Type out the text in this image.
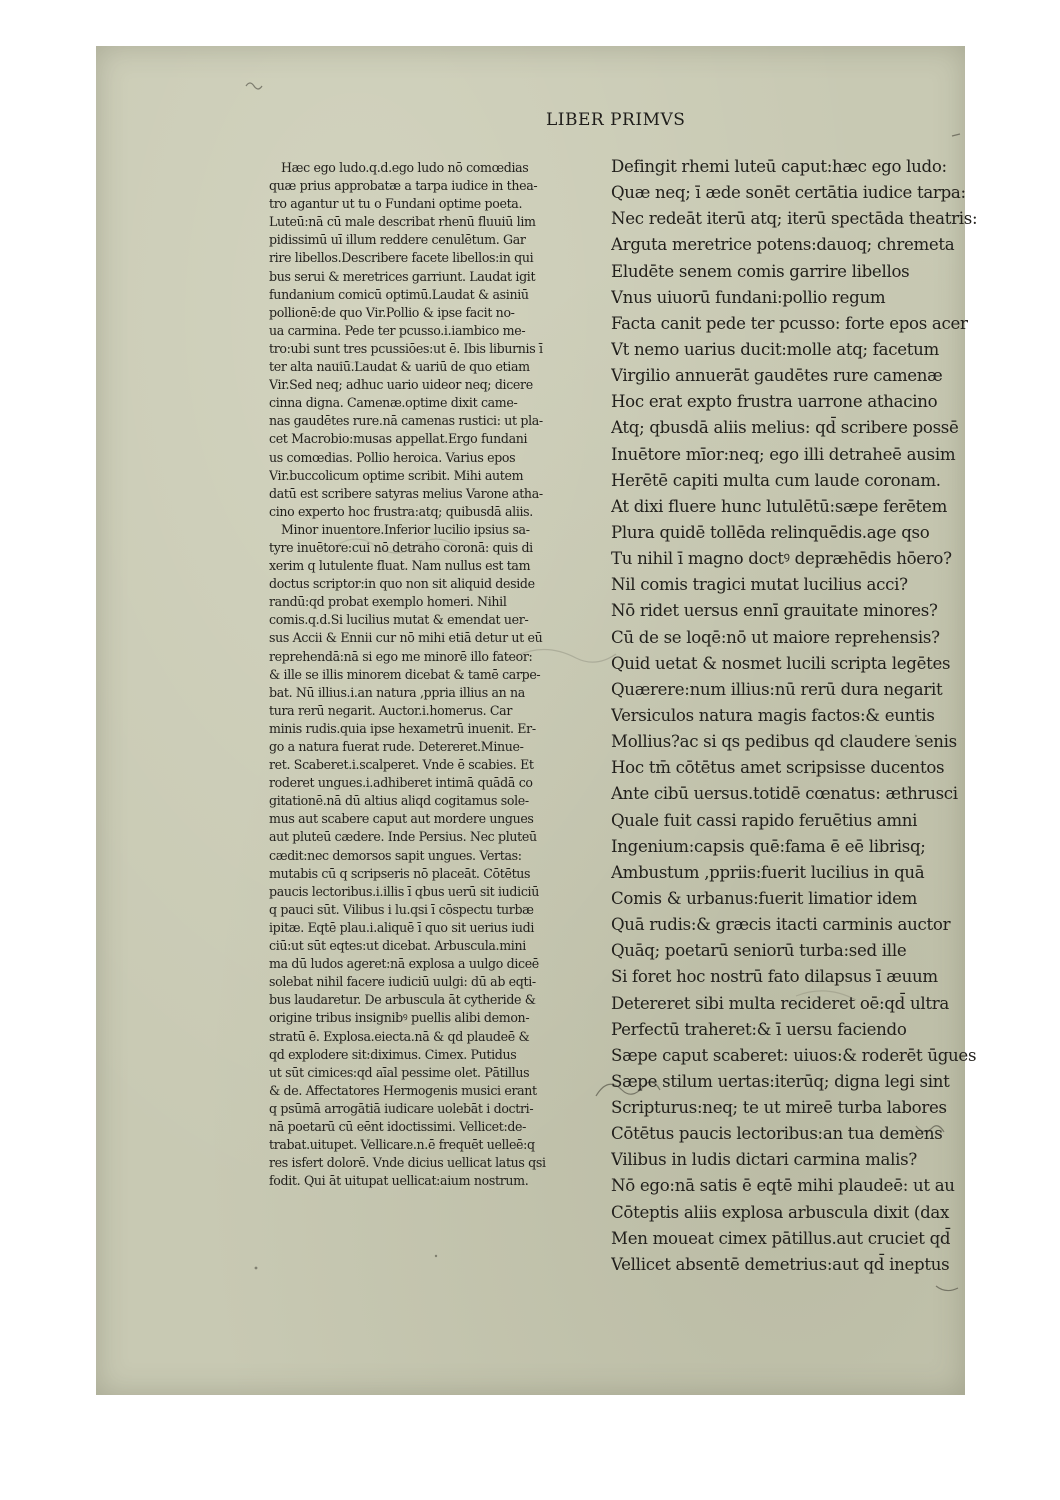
LIBER PRIMVS
Hæc ego ludo.q.d.ego ludo nō comœdias
quæ prius approbatæ a tarpa iudice in thea‑
tro agantur ut tu o Fundani optime poeta.
Luteū:nā cū male describat rhenū fluuiū lim
pidissimū uī illum reddere cenulētum. Gar
rire libellos.Describere facete libellos:in qui
bus serui & meretrices garriunt. Laudat igit
fundanium comicū optimū.Laudat & asiniū
pollionē:de quo Vir.Pollio & ipse facit no‑
ua carmina. Pede ter pcusso.i.iambico me‑
tro:ubi sunt tres pcussiōes:ut ē. Ibis liburnis ī
ter alta nauiū.Laudat & uariū de quo etiam
Vir.Sed neq; adhuc uario uideor neq; dicere
cinna digna. Camenæ.optime dixit came‑
nas gaudētes rure.nā camenas rustici: ut pla‑
cet Macrobio:musas appellat.Ergo fundani
us comœdias. Pollio heroica. Varius epos
Vir.buccolicum optime scribit. Mihi autem
datū est scribere satyras melius Varone atha‑
cino experto hoc frustra:atq; quibusdā aliis.
Minor inuentore.Inferior lucilio ipsius sa‑
tyre inuētore:cui nō detraho coronā: quis di
xerim q lutulente fluat. Nam nullus est tam
doctus scriptor:in quo non sit aliquid deside
randū:qd probat exemplo homeri. Nihil
comis.q.d.Si lucilius mutat & emendat uer‑
sus Accii & Ennii cur nō mihi etiā detur ut eū
reprehendā:nā si ego me minorē illo fateor:
& ille se illis minorem dicebat & tamē carpe‑
bat. Nū illius.i.an natura ,ppria illius an na
tura rerū negarit. Auctor.i.homerus. Car
minis rudis.quia ipse hexametrū inuenit. Er‑
go a natura fuerat rude. Detereret.Minue‑
ret. Scaberet.i.scalperet. Vnde ē scabies. Et
roderet ungues.i.adhiberet intimā quādā co
gitationē.nā dū altius aliqd cogitamus sole‑
mus aut scabere caput aut mordere ungues
aut pluteū cædere. Inde Persius. Nec pluteū
cædit:nec demorsos sapit ungues. Vertas:
mutabis cū q scripseris nō placeāt. Cōtētus
paucis lectoribus.i.illis ī qbus uerū sit iudiciū
q pauci sūt. Vilibus i lu.qsi ī cōspectu turbæ
ipitæ. Eqtē plau.i.aliquē ī quo sit uerius iudi
ciū:ut sūt eqtes:ut dicebat. Arbuscula.mini
ma dū ludos ageret:nā explosa a uulgo diceē
solebat nihil facere iudiciū uulgi: dū ab eqti‑
bus laudaretur. De arbuscula āt cytheride &
origine tribus insignibꝰ puellis alibi demon‑
stratū ē. Explosa.eiecta.nā & qd plaudeē &
qd explodere sit:diximus. Cimex. Putidus
ut sūt cimices:qd aīal pessime olet. Pātillus
& de. Affectatores Hermogenis musici erant
q psūmā arrogātiā iudicare uolebāt i doctri‑
nā poetarū cū eēnt idoctissimi. Vellicet:de‑
trabat.uitupet. Vellicare.n.ē frequēt uelleē:q
res isfert dolorē. Vnde dicius uellicat latus qsi
fodit. Qui āt uitupat uellicat:aium nostrum.
Defingit rhemi luteū caput:hæc ego ludo:
Quæ neq; ī æde sonēt certātia iudice tarpa:
Nec redeāt iterū atq; iterū spectāda theatris:
Arguta meretrice potens:dauoq; chremeta
Eludēte senem comis garrire libellos
Vnus uiuorū fundani:pollio regum
Facta canit pede ter pcusso: forte epos acer
Vt nemo uarius ducit:molle atq; facetum
Virgilio annuerāt gaudētes rure camenæ
Hoc erat expto frustra uarrone athacino
Atq; qbusdā aliis melius: qd̄ scribere possē
Inuētore mīor:neq; ego illi detraheē ausim
Herētē capiti multa cum laude coronam.
At dixi fluere hunc lutulētū:sæpe ferētem
Plura quidē tollēda relinquēdis.age qso
Tu nihil ī magno doctꝰ depræhēdis hōero?
Nil comis tragici mutat lucilius acci?
Nō ridet uersus ennī grauitate minores?
Cū de se loqē:nō ut maiore reprehensis?
Quid uetat & nosmet lucili scripta legētes
Quærere:num illius:nū rerū dura negarit
Versiculos natura magis factos:& euntis
Mollius?ac si qs pedibus qd claudere senis
Hoc tm̄ cōtētus amet scripsisse ducentos
Ante cibū uersus.totidē cœnatus: æthrusci
Quale fuit cassi rapido feruētius amni
Ingenium:capsis quē:fama ē eē librisq;
Ambustum ,ppriis:fuerit lucilius in quā
Comis & urbanus:fuerit limatior idem
Quā rudis:& græcis itacti carminis auctor
Quāq; poetarū seniorū turba:sed ille
Si foret hoc nostrū fato dilapsus ī æuum
Detereret sibi multa recideret oē:qd̄ ultra
Perfectū traheret:& ī uersu faciendo
Sæpe caput scaberet: uiuos:& roderēt ūgues
Sæpe stilum uertas:iterūq; digna legi sint
Scripturus:neq; te ut mireē turba labores
Cōtētus paucis lectoribus:an tua demens
Vilibus in ludis dictari carmina malis?
Nō ego:nā satis ē eqtē mihi plaudeē: ut au
Cōteptis aliis explosa arbuscula dixit (dax
Men moueat cimex pātillus.aut cruciet qd̄
Vellicet absentē demetrius:aut qd̄ ineptus
